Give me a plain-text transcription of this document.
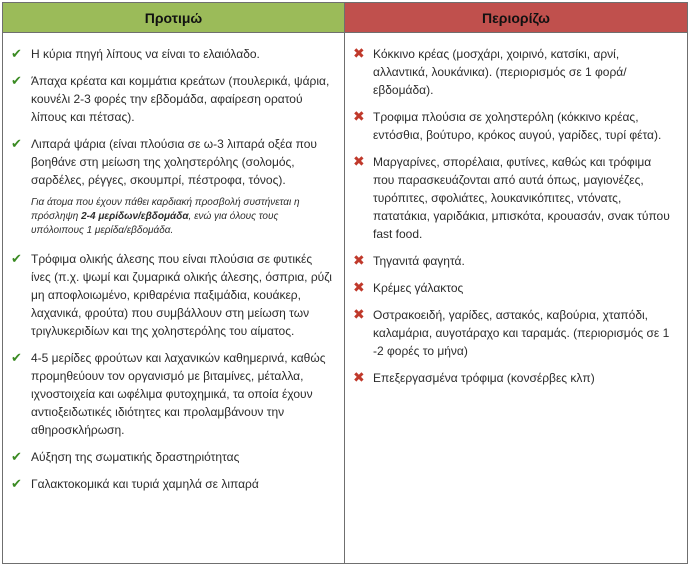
Προτιμώ	Περιορίζω
✔ Η κύρια πηγή λίπους να είναι το ελαιόλαδο.
✔ Άπαχα κρέατα και κομμάτια κρεάτων (πουλερικά, ψάρια, κουνέλι 2-3 φορές την εβδομάδα, αφαίρεση ορατού λίπους και πέτσας).
✔ Λιπαρά ψάρια (είναι πλούσια σε ω-3 λιπαρά οξέα που βοηθάνε στη μείωση της χοληστερόλης (σολομός, σαρδέλες, ρέγγες, σκουμπρί, πέστροφα, τόνος).
Για άτομα που έχουν πάθει καρδιακή προσβολή συστήνεται η πρόσληψη 2-4 μερίδων/εβδομάδα, ενώ για όλους τους υπόλοιπους 1 μερίδα/εβδομάδα.
✔ Τρόφιμα ολικής άλεσης που είναι πλούσια σε φυτικές ίνες (π.χ. ψωμί και ζυμαρικά ολικής άλεσης, όσπρια, ρύζι μη αποφλοιωμένο, κριθαρένια παξιμάδια, κουάκερ, λαχανικά, φρούτα) που συμβάλλουν στη μείωση των τριγλυκεριδίων και της χοληστερόλης του αίματος.
✔ 4-5 μερίδες φρούτων και λαχανικών καθημερινά, καθώς προμηθεύουν τον οργανισμό με βιταμίνες, μέταλλα, ιχνοστοιχεία και ωφέλιμα φυτοχημικά, τα οποία έχουν αντιοξειδωτικές ιδιότητες και προλαμβάνουν την αθηροσκλήρωση.
✔ Αύξηση της σωματικής δραστηριότητας
✔ Γαλακτοκομικά και τυριά χαμηλά σε λιπαρά
✖ Κόκκινο κρέας (μοσχάρι, χοιρινό, κατσίκι, αρνί, αλλαντικά, λουκάνικα). (περιορισμός σε 1 φορά/εβδομάδα).
✖ Τροφιμα πλούσια σε χοληστερόλη (κόκκινο κρέας, εντόσθια, βούτυρο, κρόκος αυγού, γαρίδες, τυρί φέτα).
✖ Μαργαρίνες, σπορέλαια, φυτίνες, καθώς και τρόφιμα που παρασκευάζονται από αυτά όπως, μαγιονέζες, τυρόπιτες, σφολιάτες, λουκανικόπιτες, ντόνατς, πατατάκια, γαριδάκια, μπισκότα, κρουασάν, σνακ τύπου fast food.
✖ Τηγανιτά φαγητά.
✖ Κρέμες γάλακτος
✖ Οστρακοειδή, γαρίδες, αστακός, καβούρια, χταπόδι, καλαμάρια, αυγοτάραχο και ταραμάς. (περιορισμός σε 1 -2 φορές το μήνα)
✖ Επεξεργασμένα τρόφιμα (κονσέρβες κλπ)
